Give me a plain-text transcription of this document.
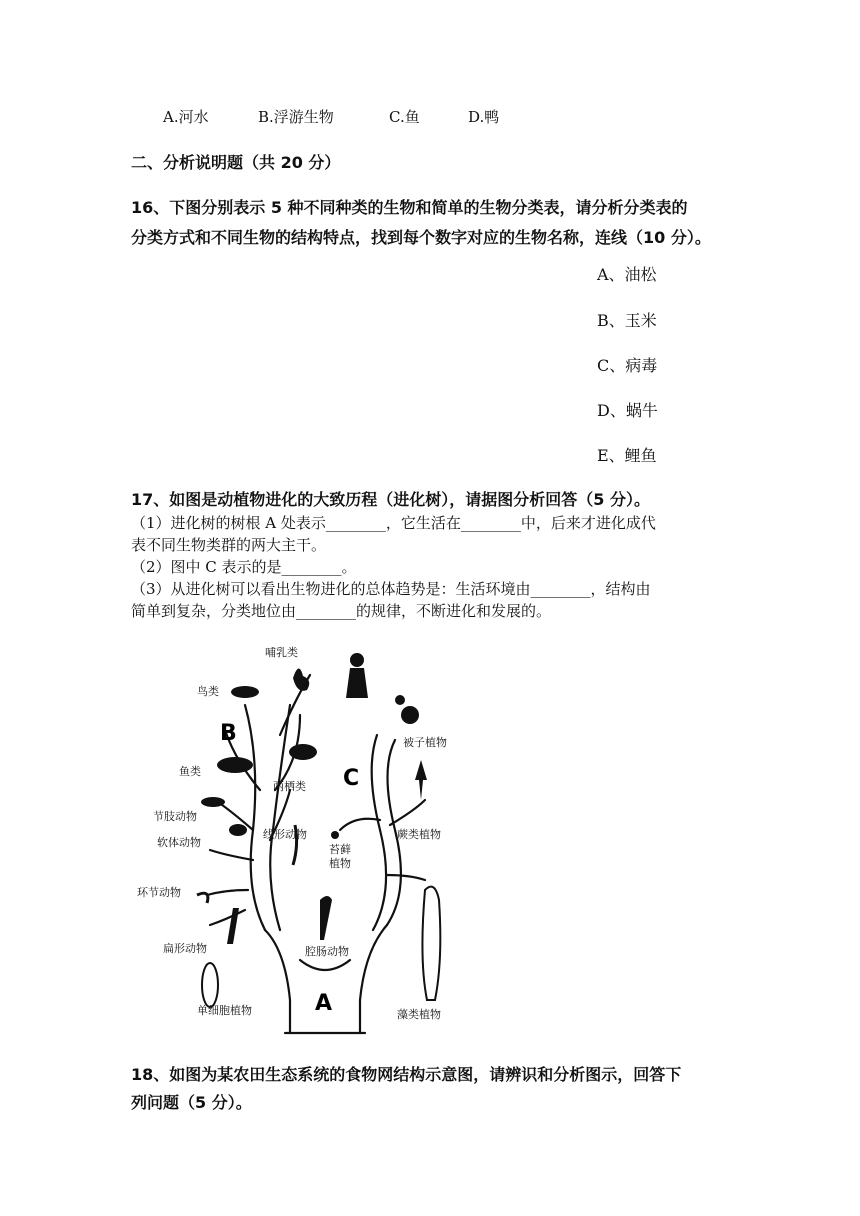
A.河水	B.浮游生物	C.鱼	D.鸭
二、分析说明题（共 20 分）
16、下图分别表示 5 种不同种类的生物和简单的生物分类表，请分析分类表的
分类方式和不同生物的结构特点，找到每个数字对应的生物名称，连线（10 分）。
A、油松
B、玉米
C、病毒
D、蜗牛
E、鲤鱼
17、如图是动植物进化的大致历程（进化树），请据图分析回答（5 分）。
（1）进化树的树根 A 处表示________，它生活在________中，后来才进化成代
表不同生物类群的两大主干。
（2）图中 C 表示的是________。
（3）从进化树可以看出生物进化的总体趋势是：生活环境由________，结构由
简单到复杂，分类地位由________的规律，不断进化和发展的。
B
C
A
哺乳类
鸟类
鱼类
两栖类
节肢动物
线形动物
苔藓
植物
软体动物
环节动物
扁形动物	腔肠动物
单细胞植物
被子植物
蕨类植物
藻类植物
18、如图为某农田生态系统的食物网结构示意图，请辨识和分析图示，回答下
列问题（5 分）。
